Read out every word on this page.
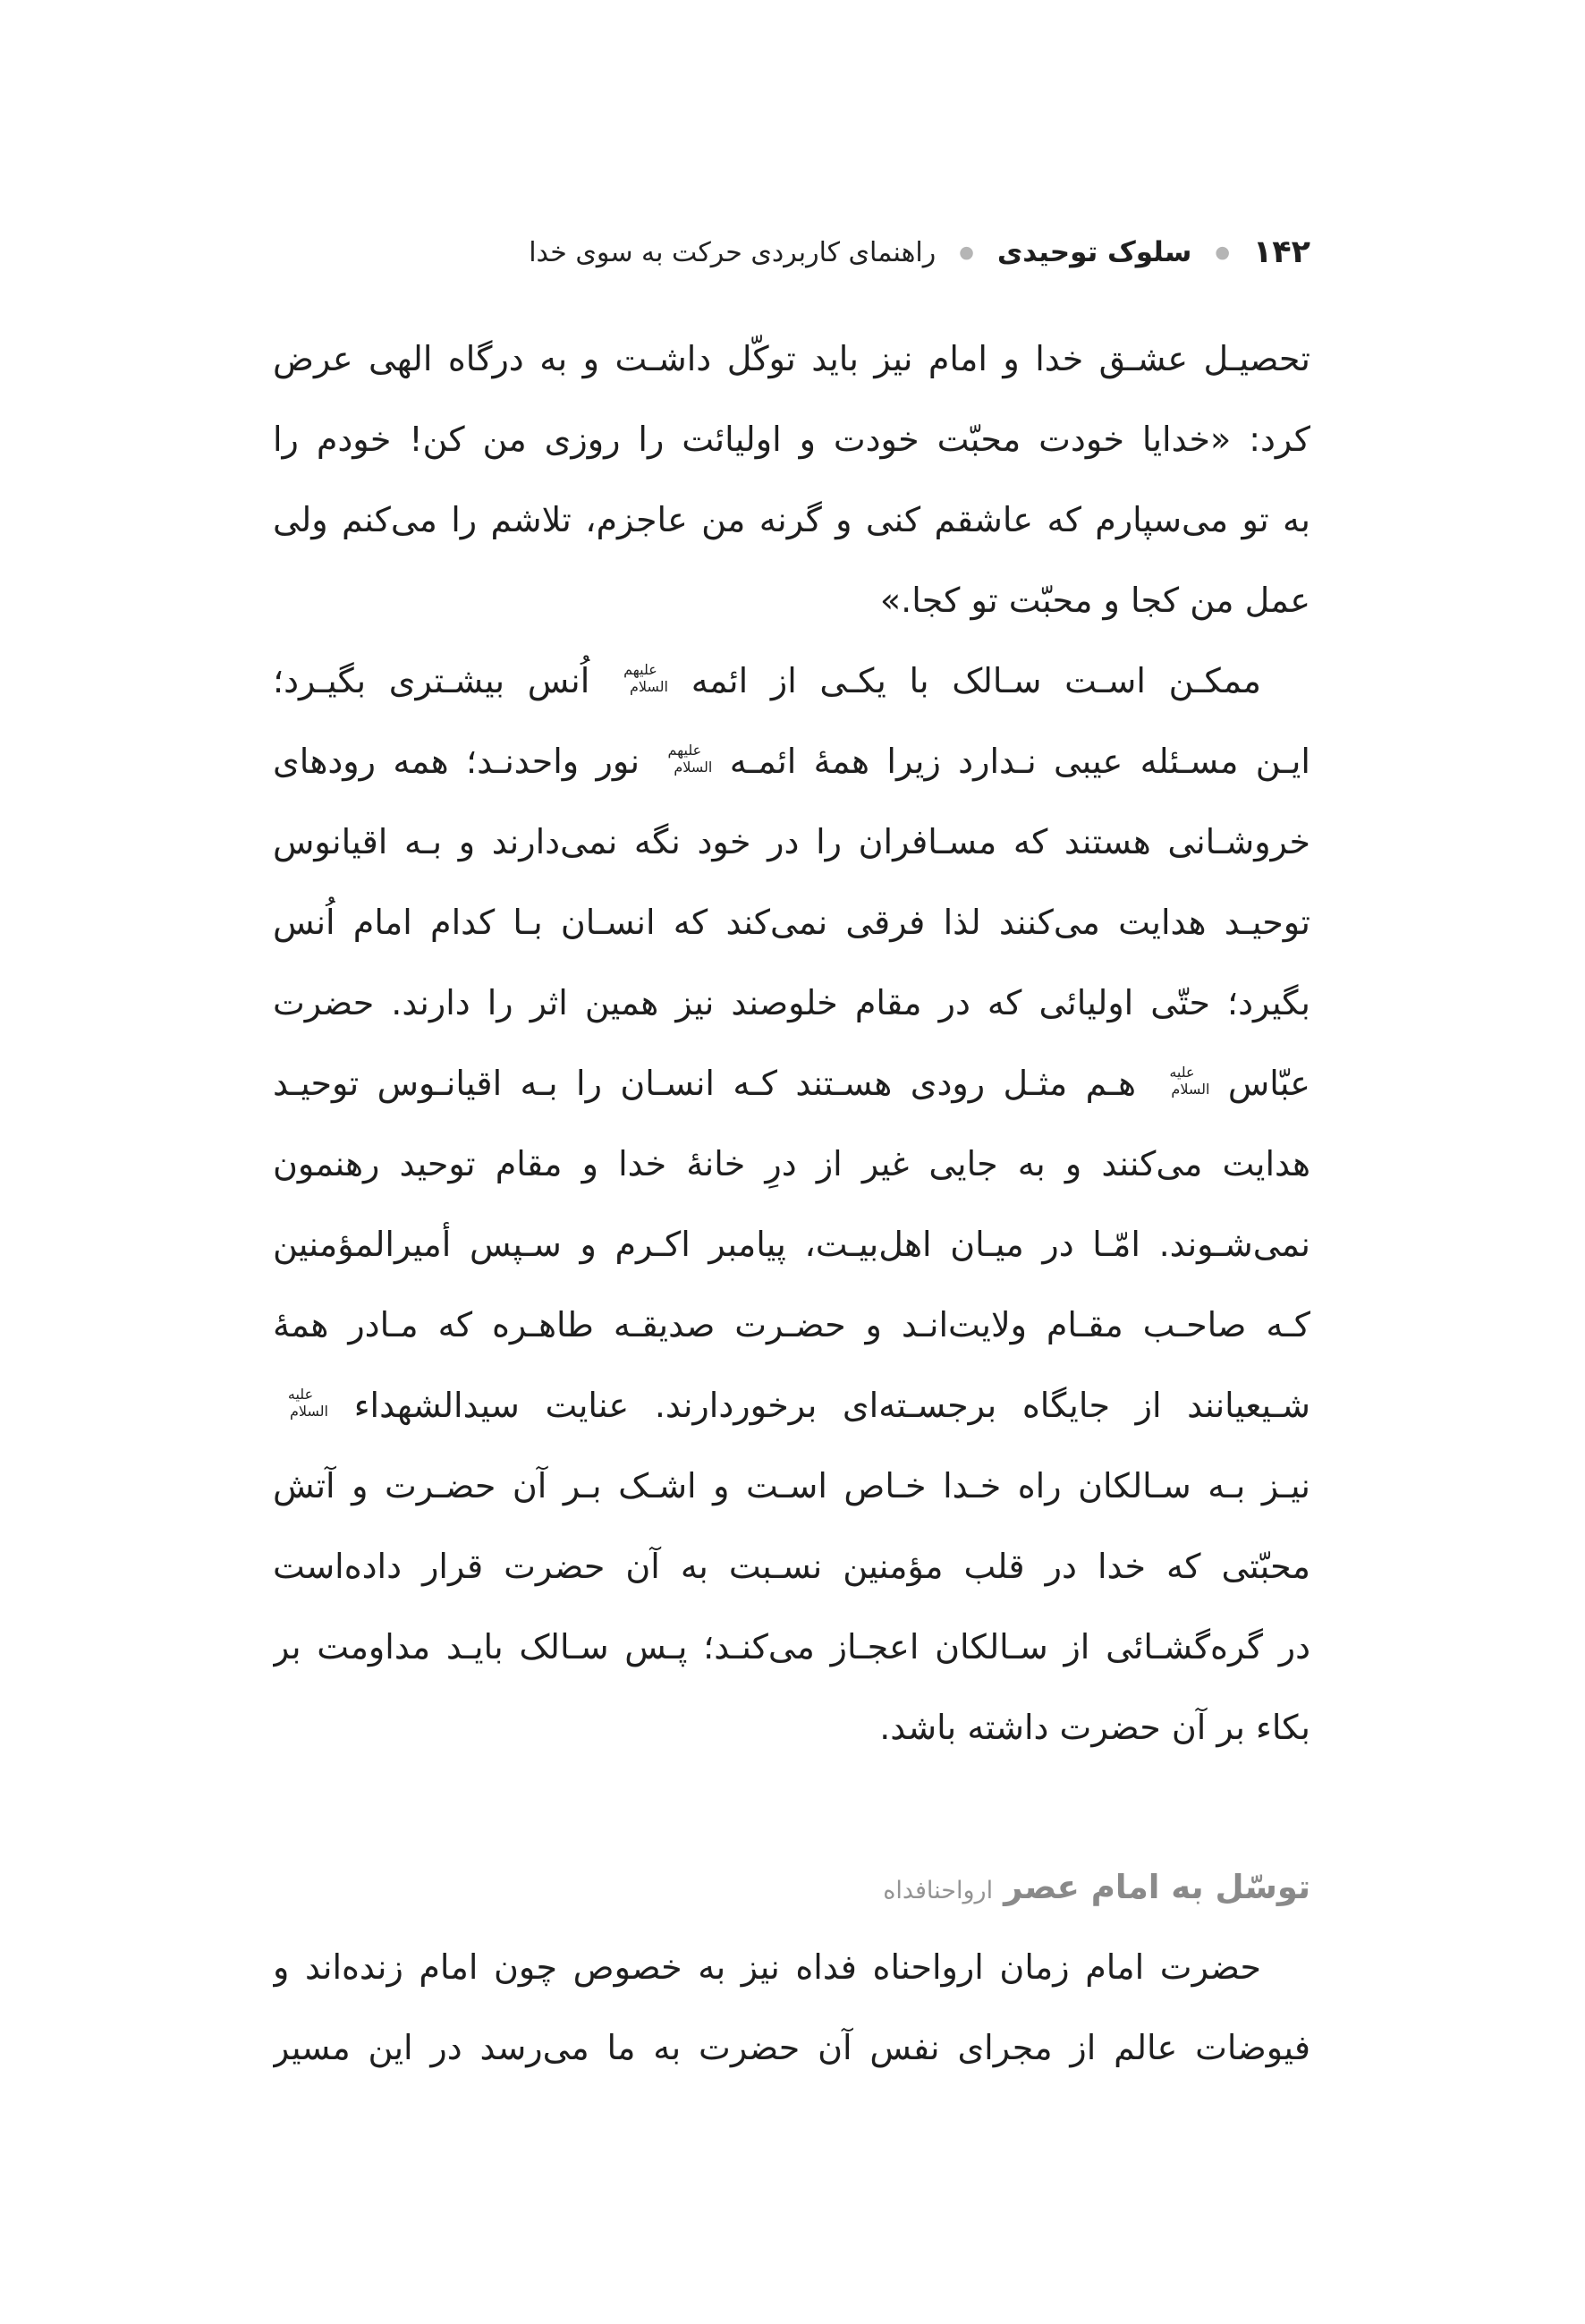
۱۴۲
●
سلوک توحیدی
●
راهنمای کاربردی حرکت به سوی خدا
تحصیـل عشـق خدا و امام نیز باید توکّل داشـت و به درگاه الهی عرض
کرد: «خدایا خودت محبّت خودت و اولیائت را روزی من کن! خودم را
به تو می‌سپارم که عاشقم کنی و گرنه من عاجزم، تلاشم را می‌کنم ولی
عمل من کجا و محبّت تو کجا.»
ممکـن اسـت سـالک با یکـی از ائمه علیهم السلام اُنس بیشـتری بگیـرد؛
ایـن مسـئله عیبی نـدارد زیرا همۀ ائمـه علیهم السلام نور واحدنـد؛ همه رودهای
خروشـانی هستند که مسـافران را در خود نگه نمی‌دارند و بـه اقیانوس
توحیـد هدایت می‌کنند لذا فرقی نمی‌کند که انسـان بـا کدام امام اُنس
بگیرد؛ حتّی اولیائی که در مقام خلوصند نیز همین اثر را دارند. حضرت
عبّاس علیه السلام هـم مثـل رودی هسـتند کـه انسـان را بـه اقیانـوس توحیـد
هدایت می‌کنند و به جایی غیر از درِ خانۀ خدا و مقام توحید رهنمون
نمی‌شـوند. امّـا در میـان اهل‌بیـت، پیامبر اکـرم و سـپس أمیرالمؤمنین
کـه صاحـب مقـام ولایت‌انـد و حضـرت صدیقـه طاهـره که مـادر همۀ
شـیعیانند از جایگاه برجسـته‌ای برخوردارند. عنایت سیدالشهداء علیه السلام
نیـز بـه سـالکان راه خـدا خـاص اسـت و اشـک بـر آن حضـرت و آتش
محبّتی که خدا در قلب مؤمنین نسـبت به آن حضرت قرار داده‌است
در گره‌گشـائی از سـالکان اعجـاز می‌کنـد؛ پـس سـالک بایـد مداومت بر
بکاء بر آن حضرت داشته باشد.
توسّل به امام عصر ارواحنافداه
حضرت امام زمان ارواحناه فداه نیز به خصوص چون امام زنده‌اند و
فیوضات عالم از مجرای نفس آن حضرت به ما می‌رسد در این مسیر
